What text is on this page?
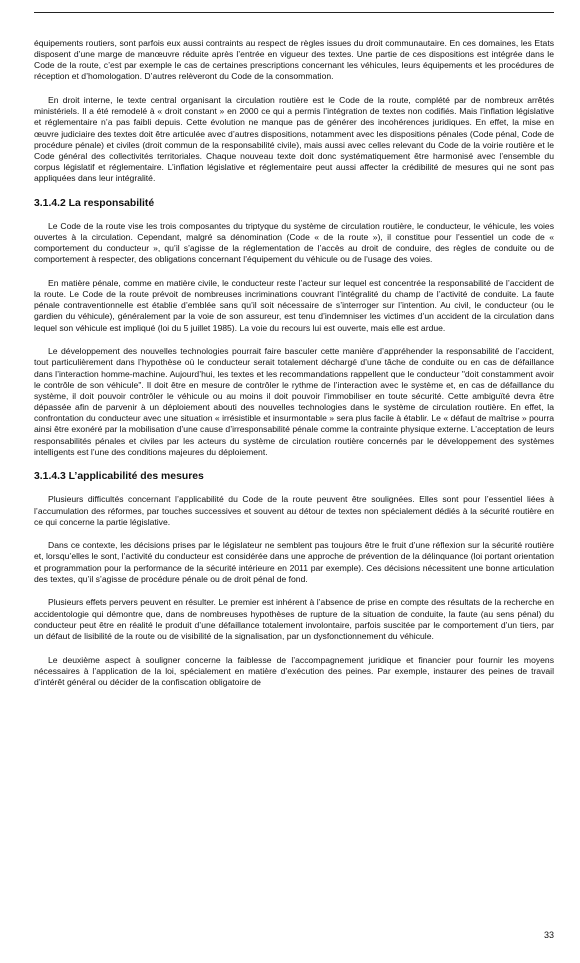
équipements routiers, sont parfois eux aussi contraints au respect de règles issues du droit communautaire. En ces domaines, les Etats disposent d’une marge de manœuvre réduite après l’entrée en vigueur des textes. Une partie de ces dispositions est intégrée dans le Code de la route, c’est par exemple le cas de certaines prescriptions concernant les véhicules, leurs équipements et les procédures de réception et d’homologation. D’autres relèveront du Code de la consommation.

En droit interne, le texte central organisant la circulation routière est le Code de la route, complété par de nombreux arrêtés ministériels. Il a été remodelé à « droit constant » en 2000 ce qui a permis l’intégration de textes non codifiés. Mais l’inflation législative et réglementaire n’a pas faibli depuis. Cette évolution ne manque pas de générer des incohérences juridiques. En effet, la mise en œuvre judiciaire des textes doit être articulée avec d’autres dispositions, notamment avec les dispositions pénales (Code pénal, Code de procédure pénale) et civiles (droit commun de la responsabilité civile), mais aussi avec celles relevant du Code de la voirie routière et le Code général des collectivités territoriales. Chaque nouveau texte doit donc systématiquement être harmonisé avec l’ensemble du corpus législatif et réglementaire. L’inflation législative et réglementaire peut aussi affecter la crédibilité de mesures qui ne sont pas appliquées dans leur intégralité.

3.1.4.2 La responsabilité

Le Code de la route vise les trois composantes du triptyque du système de circulation routière, le conducteur, le véhicule, les voies ouvertes à la circulation. Cependant, malgré sa dénomination (Code « de la route »), il constitue pour l’essentiel un code de « comportement du conducteur », qu’il s’agisse de la réglementation de l’accès au droit de conduire, des règles de conduite ou de comportement à respecter, des obligations concernant l’équipement du véhicule ou de l’usage des voies.

En matière pénale, comme en matière civile, le conducteur reste l’acteur sur lequel est concentrée la responsabilité de l’accident de la route. Le Code de la route prévoit de nombreuses incriminations couvrant l’intégralité du champ de l’activité de conduite. La faute pénale contraventionnelle est établie d’emblée sans qu’il soit nécessaire de s’interroger sur l’intention. Au civil, le conducteur (ou le gardien du véhicule), généralement par la voie de son assureur, est tenu d’indemniser les victimes d’un accident de la circulation dans lequel son véhicule est impliqué (loi du 5 juillet 1985). La voie du recours lui est ouverte, mais elle est ardue.

Le développement des nouvelles technologies pourrait faire basculer cette manière d’appréhender la responsabilité de l’accident, tout particulièrement dans l’hypothèse où le conducteur serait totalement déchargé d’une tâche de conduite ou en cas de défaillance dans l’interaction homme-machine. Aujourd’hui, les textes et les recommandations rappellent que le conducteur "doit constamment avoir le contrôle de son véhicule". Il doit être en mesure de contrôler le rythme de l’interaction avec le système et, en cas de défaillance du système, il doit pouvoir contrôler le véhicule ou au moins il doit pouvoir l’immobiliser en toute sécurité. Cette ambiguïté devra être dépassée afin de parvenir à un déploiement abouti des nouvelles technologies dans le système de circulation routière. En effet, la confrontation du conducteur avec une situation « irrésistible et insurmontable » sera plus facile à établir. Le « défaut de maîtrise » pourra ainsi être exonéré par la mobilisation d’une cause d’irresponsabilité pénale comme la contrainte physique externe. L’acceptation de leurs responsabilités pénales et civiles par les acteurs du système de circulation routière concernés par le développement des systèmes intelligents est l’une des conditions majeures du déploiement.

3.1.4.3 L’applicabilité des mesures

Plusieurs difficultés concernant l’applicabilité du Code de la route peuvent être soulignées. Elles sont pour l’essentiel liées à l’accumulation des réformes, par touches successives et souvent au détour de textes non spécialement dédiés à la sécurité routière en ce qui concerne la partie législative.

Dans ce contexte, les décisions prises par le législateur ne semblent pas toujours être le fruit d’une réflexion sur la sécurité routière et, lorsqu’elles le sont, l’activité du conducteur est considérée dans une approche de prévention de la délinquance (loi portant orientation et programmation pour la performance de la sécurité intérieure en 2011 par exemple). Ces décisions nécessitent une bonne articulation des textes, qu’il s’agisse de procédure pénale ou de droit pénal de fond.

Plusieurs effets pervers peuvent en résulter. Le premier est inhérent à l’absence de prise en compte des résultats de la recherche en accidentologie qui démontre que, dans de nombreuses hypothèses de rupture de la situation de conduite, la faute (au sens pénal) du conducteur peut être en réalité le produit d’une défaillance totalement involontaire, parfois suscitée par le comportement d’un tiers, par un défaut de lisibilité de la route ou de visibilité de la signalisation, par un dysfonctionnement du véhicule.

Le deuxième aspect à souligner concerne la faiblesse de l’accompagnement juridique et financier pour fournir les moyens nécessaires à l’application de la loi, spécialement en matière d’exécution des peines. Par exemple, instaurer des peines de travail d’intérêt général ou décider de la confiscation obligatoire de

33
